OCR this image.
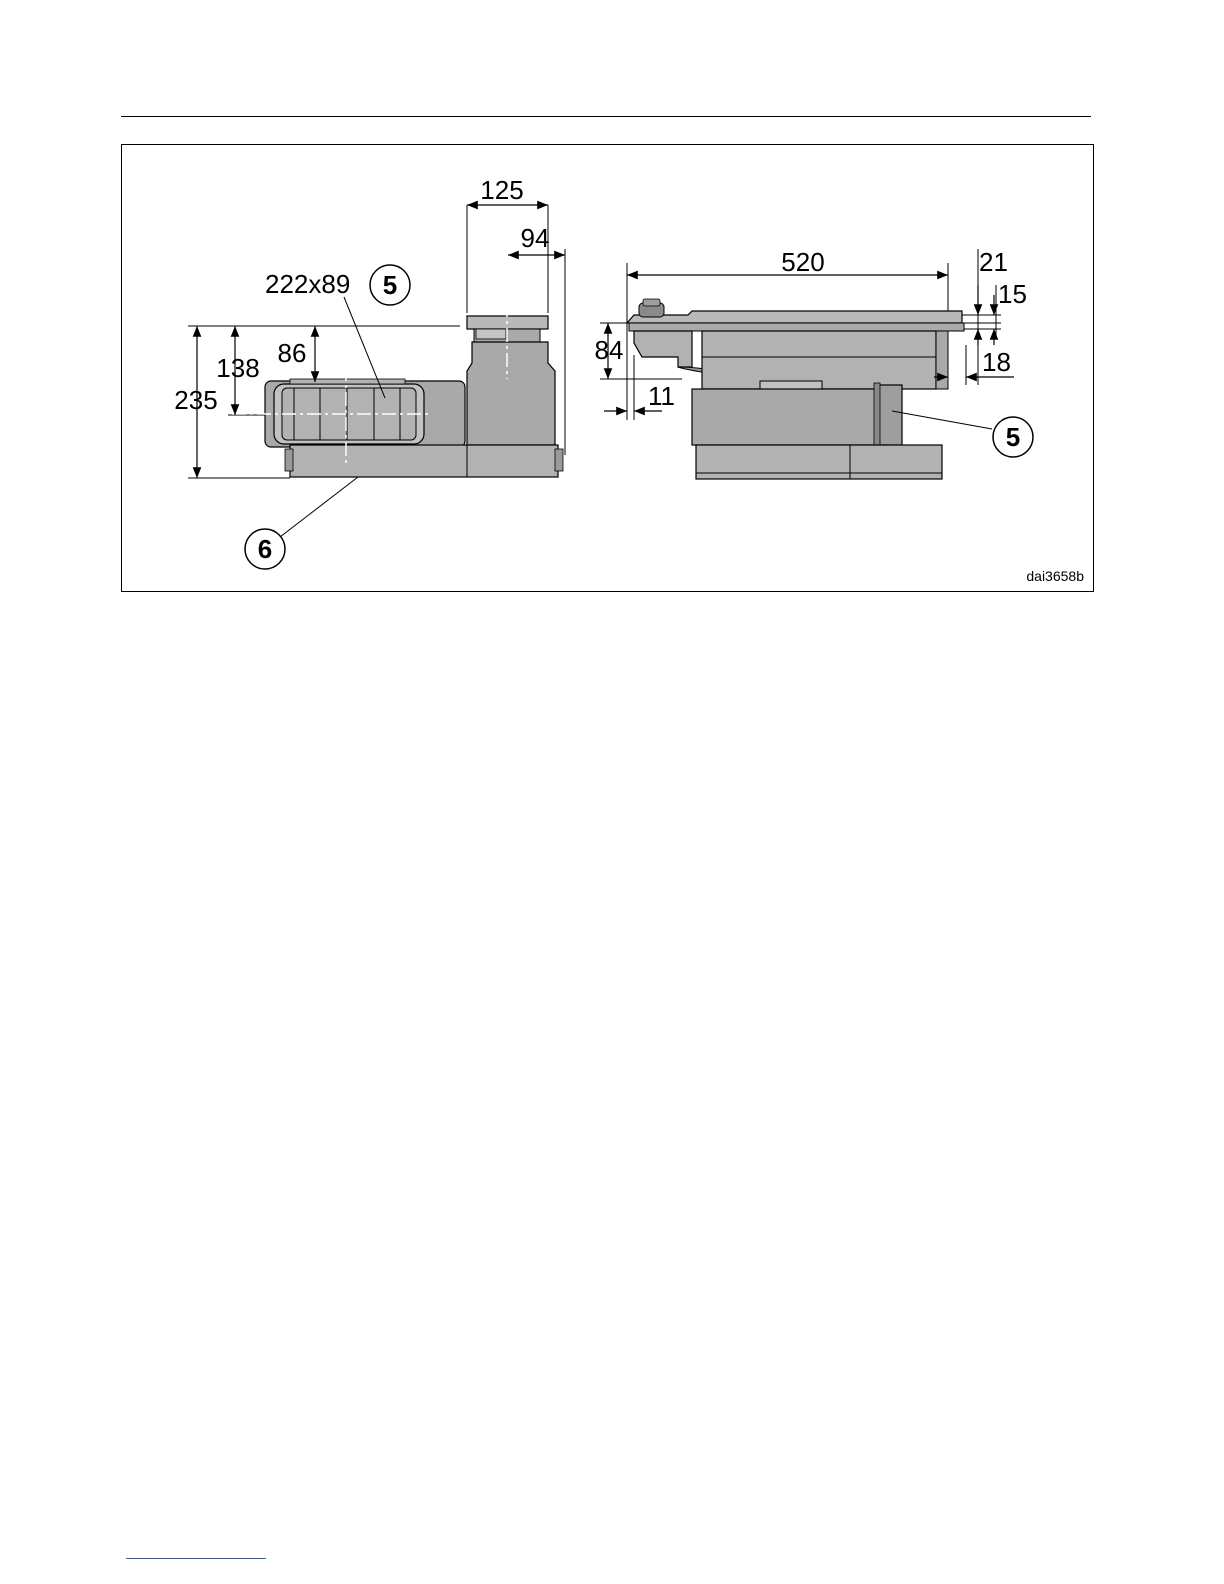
125
94
235
138 86
222x89 5
6
520	21
15
18
84
11
5
dai3658b
